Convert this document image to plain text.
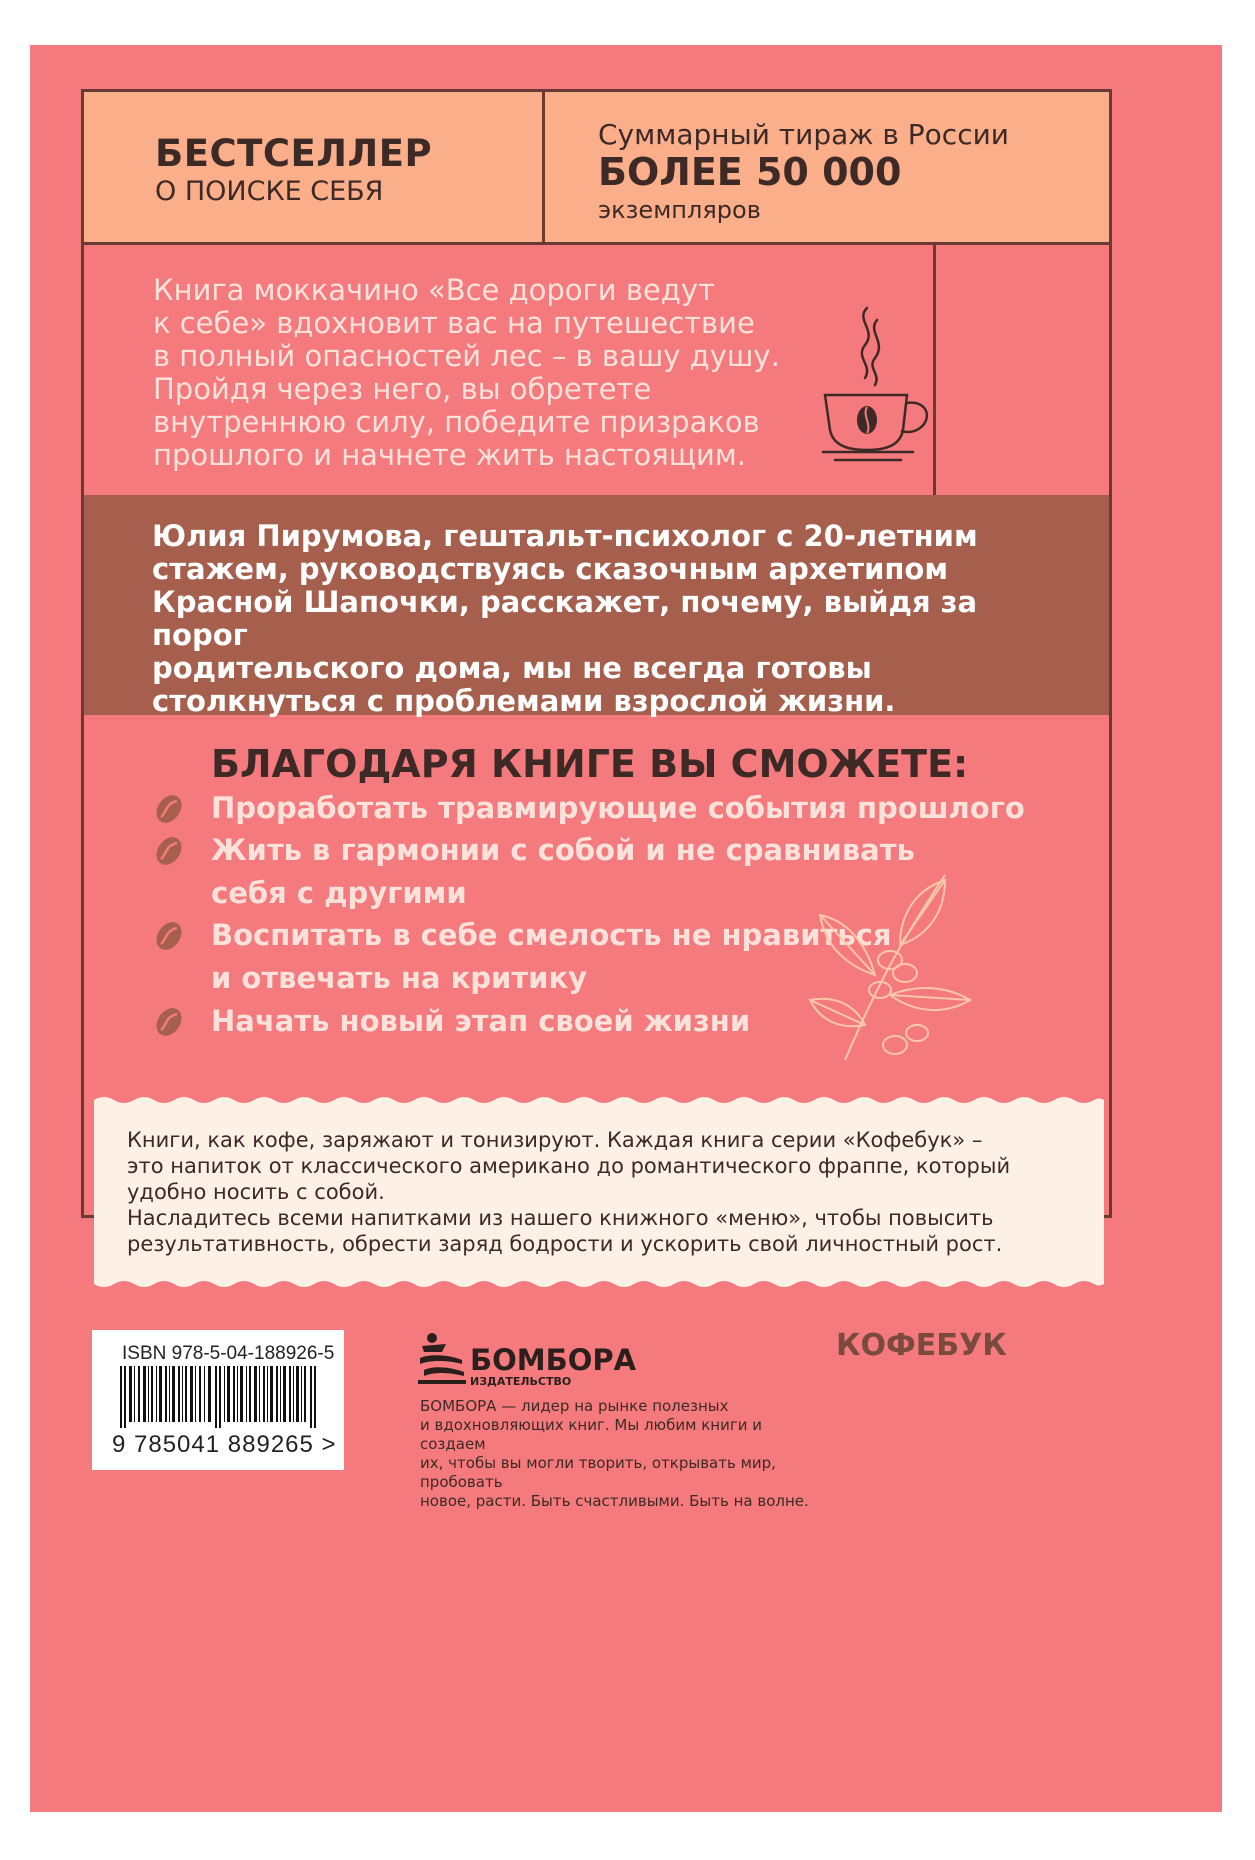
БЕСТСЕЛЛЕР
О ПОИСКЕ СЕБЯ
Суммарный тираж в России
БОЛЕЕ 50 000
экземпляров
Книга моккачино «Все дороги ведут
к себе» вдохновит вас на путешествие
в полный опасностей лес – в вашу душу.
Пройдя через него, вы обретете
внутреннюю силу, победите призраков
прошлого и начнете жить настоящим.
Юлия Пирумова, гештальт-психолог с 20-летним
стажем, руководствуясь сказочным архетипом
Красной Шапочки, расскажет, почему, выйдя за порог
родительского дома, мы не всегда готовы
столкнуться с проблемами взрослой жизни.
БЛАГОДАРЯ КНИГЕ ВЫ СМОЖЕТЕ:
Проработать травмирующие события прошлого
Жить в гармонии с собой и не сравнивать
себя с другими
Воспитать в себе смелость не нравиться
и отвечать на критику
Начать новый этап своей жизни
Книги, как кофе, заряжают и тонизируют. Каждая книга серии «Кофебук» –
это напиток от классического американо до романтического фраппе, который
удобно носить с собой.
Насладитесь всеми напитками из нашего книжного «меню», чтобы повысить
результативность, обрести заряд бодрости и ускорить свой личностный рост.
ISBN 978-5-04-188926-5
9 785041 889265 >
БОМБОРА
ИЗДАТЕЛЬСТВО
БОМБОРА — лидер на рынке полезных
и вдохновляющих книг. Мы любим книги и создаем
их, чтобы вы могли творить, открывать мир, пробовать
новое, расти. Быть счастливыми. Быть на волне.
КОФЕБУК
